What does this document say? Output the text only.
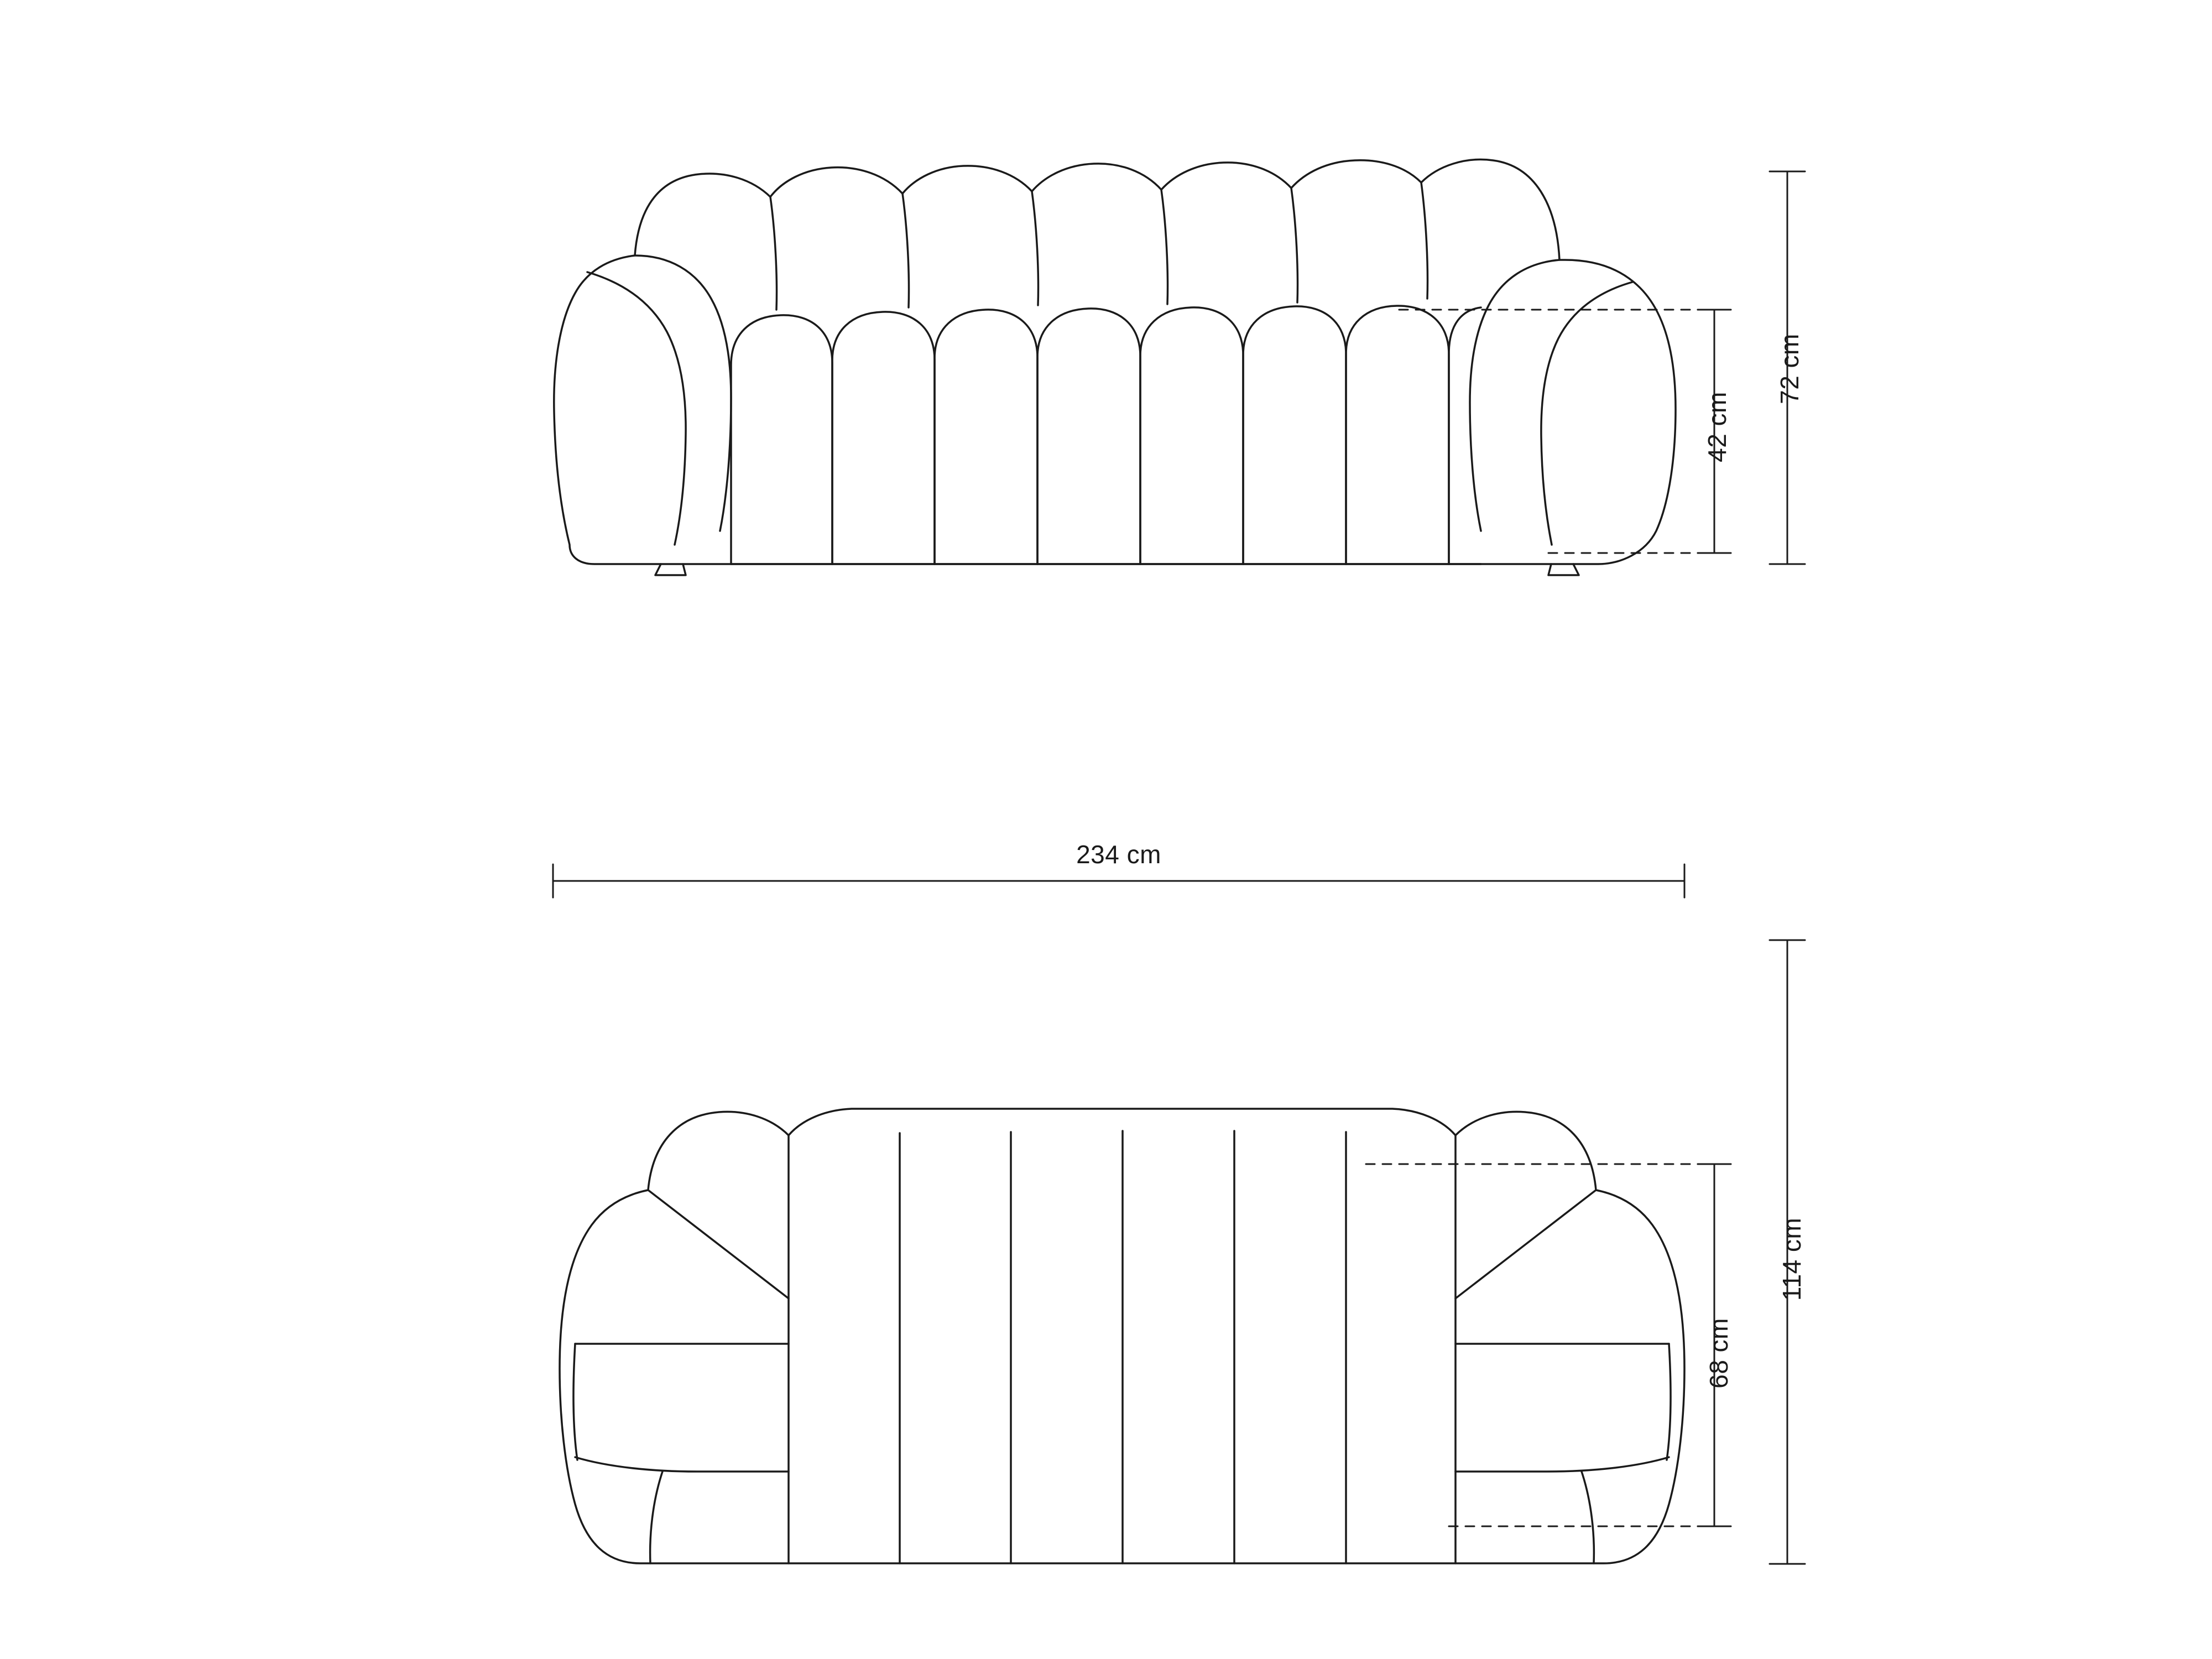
72 cm
42 cm
234 cm
114 cm
68 cm
